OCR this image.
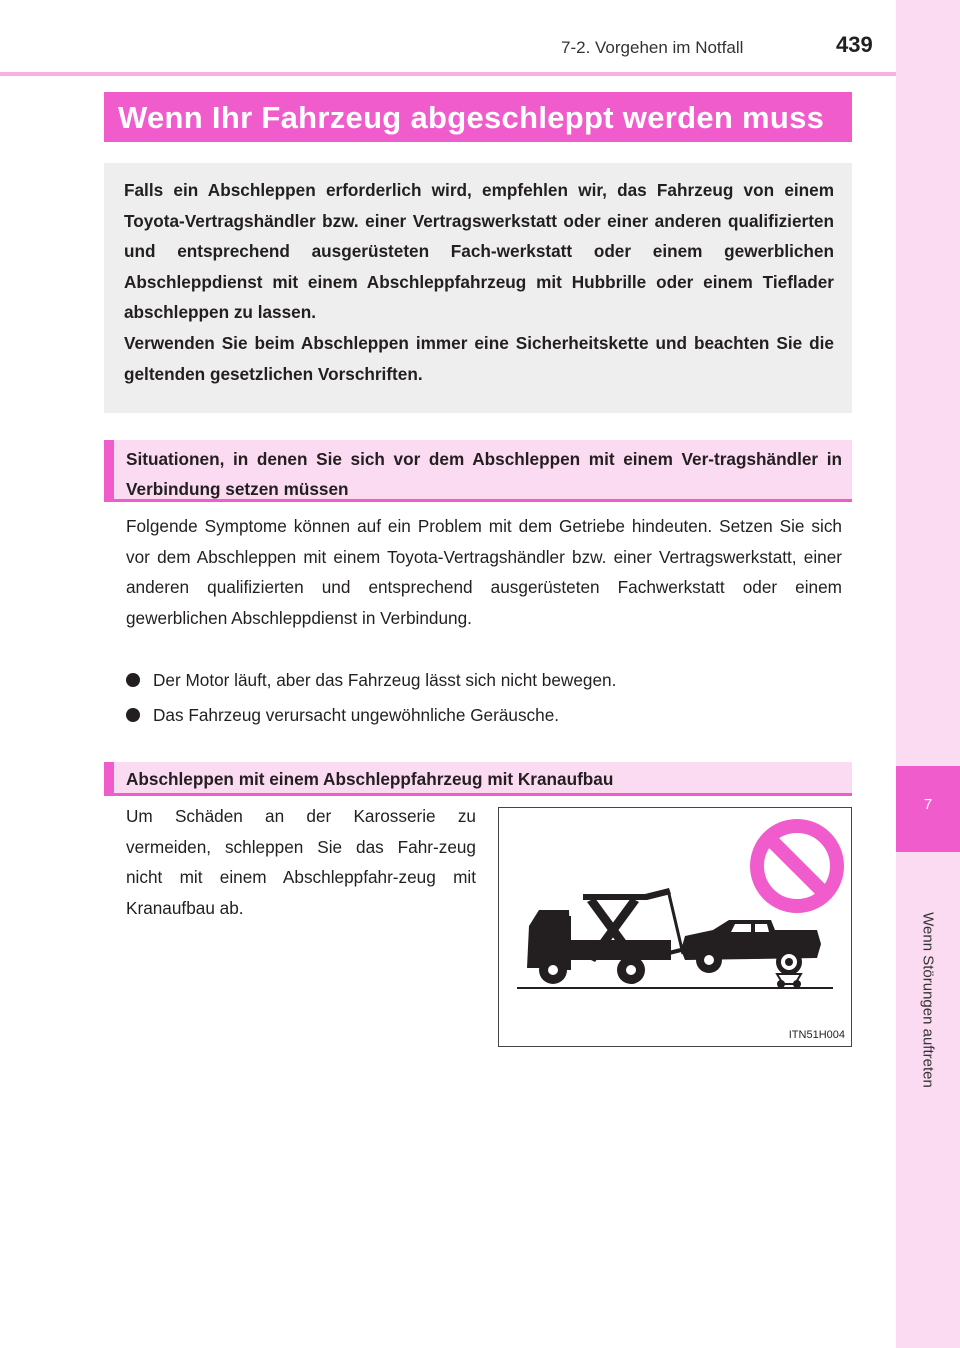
7
Wenn Störungen auftreten
7-2. Vorgehen im Notfall	439
Wenn Ihr Fahrzeug abgeschleppt werden muss

Falls ein Abschleppen erforderlich wird, empfehlen wir, das Fahrzeug von einem Toyota-Vertragshändler bzw. einer Vertragswerkstatt oder einer anderen qualifizierten und entsprechend ausgerüsteten Fach-werkstatt oder einem gewerblichen Abschleppdienst mit einem Abschleppfahrzeug mit Hubbrille oder einem Tieflader abschleppen zu lassen.

Verwenden Sie beim Abschleppen immer eine Sicherheitskette und beachten Sie die geltenden gesetzlichen Vorschriften.

Situationen, in denen Sie sich vor dem Abschleppen mit einem Ver-tragshändler in Verbindung setzen müssen

Folgende Symptome können auf ein Problem mit dem Getriebe hindeuten. Setzen Sie sich vor dem Abschleppen mit einem Toyota-Vertragshändler bzw. einer Vertragswerkstatt, einer anderen qualifizierten und entsprechend ausgerüsteten Fachwerkstatt oder einem gewerblichen Abschleppdienst in Verbindung.

Der Motor läuft, aber das Fahrzeug lässt sich nicht bewegen.
Das Fahrzeug verursacht ungewöhnliche Geräusche.
Abschleppen mit einem Abschleppfahrzeug mit Kranaufbau

Um Schäden an der Karosserie zu vermeiden, schleppen Sie das Fahr-zeug nicht mit einem Abschleppfahr-zeug mit Kranaufbau ab.

ITN51H004
